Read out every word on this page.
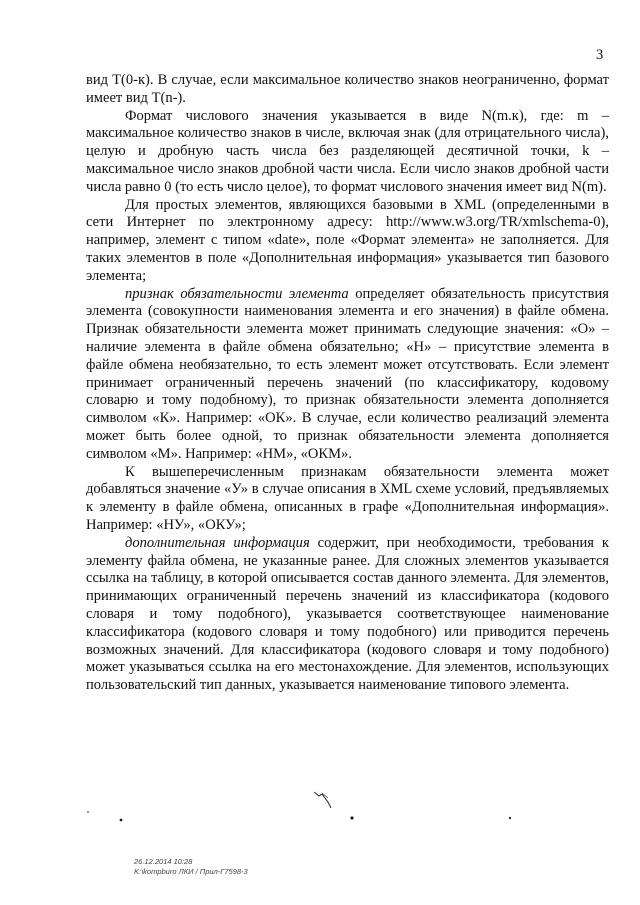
3

вид T(0-к). В случае, если максимальное количество знаков неограниченно, формат имеет вид T(n-).

Формат числового значения указывается в виде N(m.к), где: m – максимальное количество знаков в числе, включая знак (для отрицательного числа), целую и дробную часть числа без разделяющей десятичной точки, k – максимальное число знаков дробной части числа. Если число знаков дробной части числа равно 0 (то есть число целое), то формат числового значения имеет вид N(m).

Для простых элементов, являющихся базовыми в XML (определенными в сети Интернет по электронному адресу: http://www.w3.org/TR/xmlschema-0), например, элемент с типом «date», поле «Формат элемента» не заполняется. Для таких элементов в поле «Дополнительная информация» указывается тип базового элемента;

признак обязательности элемента определяет обязательность присутствия элемента (совокупности наименования элемента и его значения) в файле обмена. Признак обязательности элемента может принимать следующие значения: «О» – наличие элемента в файле обмена обязательно; «Н» – присутствие элемента в файле обмена необязательно, то есть элемент может отсутствовать. Если элемент принимает ограниченный перечень значений (по классификатору, кодовому словарю и тому подобному), то признак обязательности элемента дополняется символом «К». Например: «ОК». В случае, если количество реализаций элемента может быть более одной, то признак обязательности элемента дополняется символом «М». Например: «НМ», «ОКМ».

К вышеперечисленным признакам обязательности элемента может добавляться значение «У» в случае описания в XML схеме условий, предъявляемых к элементу в файле обмена, описанных в графе «Дополнительная информация». Например: «НУ», «ОКУ»;

дополнительная информация содержит, при необходимости, требования к элементу файла обмена, не указанные ранее. Для сложных элементов указывается ссылка на таблицу, в которой описывается состав данного элемента. Для элементов, принимающих ограниченный перечень значений из классификатора (кодового словаря и тому подобного), указывается соответствующее наименование классификатора (кодового словаря и тому подобного) или приводится перечень возможных значений. Для классификатора (кодового словаря и тому подобного) может указываться ссылка на его местонахождение. Для элементов, использующих пользовательский тип данных, указывается наименование типового элемента.

26.12.2014 10:28
K:\kompburo ЛКИ / Прил-Г7598-3
